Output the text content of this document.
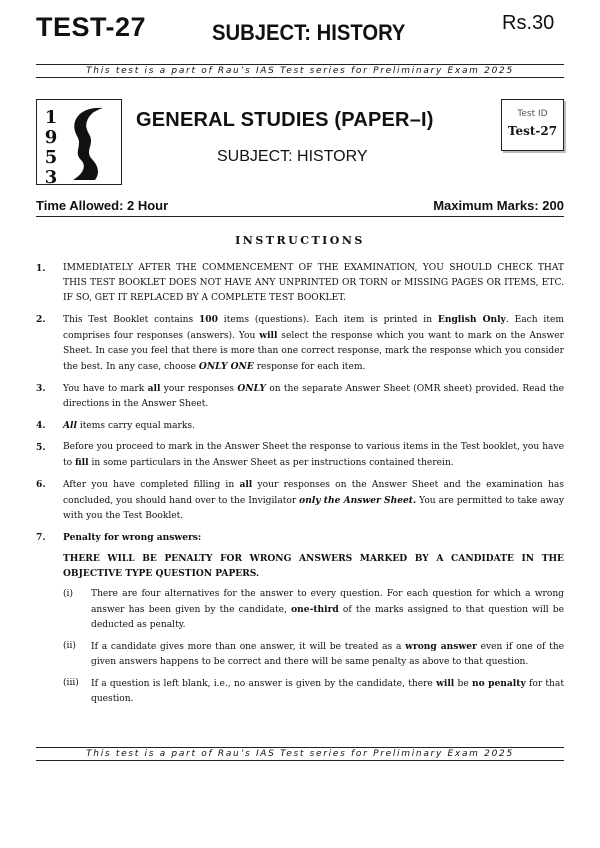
TEST-27	SUBJECT: HISTORY	Rs.30
This test is a part of Rau’s IAS Test series for Preliminary Exam 2025
1
9
5
3
GENERAL STUDIES (PAPER–I)
SUBJECT: HISTORY
Test ID
Test-27
Time Allowed: 2 Hour	Maximum Marks: 200
INSTRUCTIONS
1. IMMEDIATELY AFTER THE COMMENCEMENT OF THE EXAMINATION, YOU SHOULD CHECK THAT THIS TEST BOOKLET DOES NOT HAVE ANY UNPRINTED OR TORN or MISSING PAGES OR ITEMS, ETC. IF SO, GET IT REPLACED BY A COMPLETE TEST BOOKLET.
2. This Test Booklet contains 100 items (questions). Each item is printed in English Only. Each item comprises four responses (answers). You will select the response which you want to mark on the Answer Sheet. In case you feel that there is more than one correct response, mark the response which you consider the best. In any case, choose ONLY ONE response for each item.
3. You have to mark all your responses ONLY on the separate Answer Sheet (OMR sheet) provided. Read the directions in the Answer Sheet.
4. All items carry equal marks.
5. Before you proceed to mark in the Answer Sheet the response to various items in the Test booklet, you have to fill in some particulars in the Answer Sheet as per instructions contained therein.
6. After you have completed filling in all your responses on the Answer Sheet and the examination has concluded, you should hand over to the Invigilator only the Answer Sheet. You are permitted to take away with you the Test Booklet.
7. Penalty for wrong answers:
THERE WILL BE PENALTY FOR WRONG ANSWERS MARKED BY A CANDIDATE IN THE OBJECTIVE TYPE QUESTION PAPERS.
(i) There are four alternatives for the answer to every question. For each question for which a wrong answer has been given by the candidate, one-third of the marks assigned to that question will be deducted as penalty.
(ii) If a candidate gives more than one answer, it will be treated as a wrong answer even if one of the given answers happens to be correct and there will be same penalty as above to that question.
(iii) If a question is left blank, i.e., no answer is given by the candidate, there will be no penalty for that question.
This test is a part of Rau’s IAS Test series for Preliminary Exam 2025
